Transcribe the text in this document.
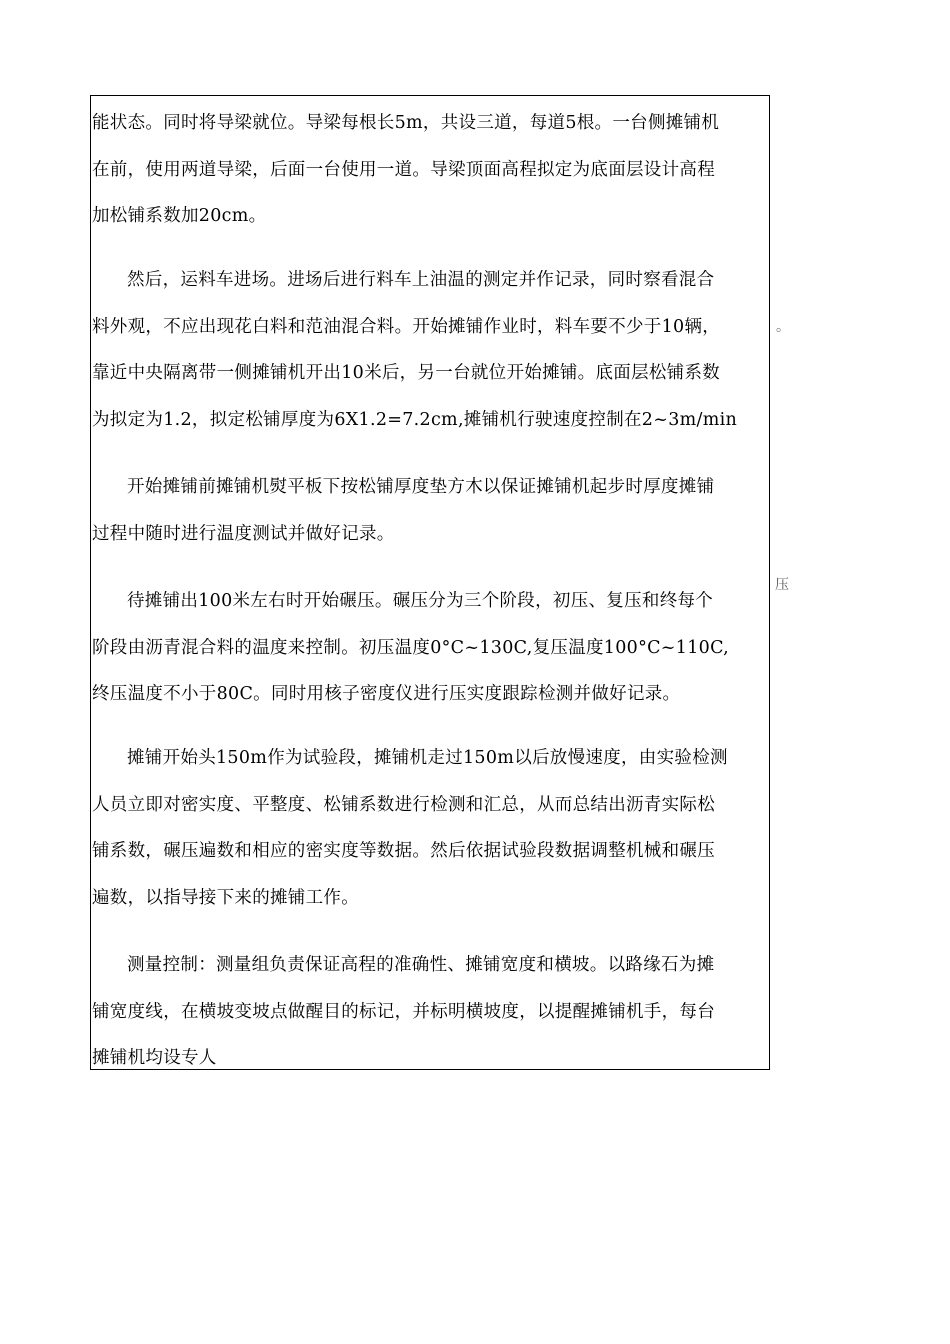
能状态。同时将导梁就位。导梁每根长5m，共设三道，每道5根。一台侧摊铺机
在前，使用两道导梁，后面一台使用一道。导梁顶面高程拟定为底面层设计高程
加松铺系数加20cm。

然后，运料车进场。进场后进行料车上油温的测定并作记录，同时察看混合
料外观，不应出现花白料和范油混合料。开始摊铺作业时，料车要不少于10辆，
靠近中央隔离带一侧摊铺机开出10米后，另一台就位开始摊铺。底面层松铺系数
为拟定为1.2，拟定松铺厚度为6X1.2=7.2cm,摊铺机行驶速度控制在2~3m/min

开始摊铺前摊铺机熨平板下按松铺厚度垫方木以保证摊铺机起步时厚度摊铺
过程中随时进行温度测试并做好记录。

待摊铺出100米左右时开始碾压。碾压分为三个阶段，初压、复压和终每个
阶段由沥青混合料的温度来控制。初压温度0°C~130C,复压温度100°C~110C,
终压温度不小于80C。同时用核子密度仪进行压实度跟踪检测并做好记录。

摊铺开始头150m作为试验段，摊铺机走过150m以后放慢速度，由实验检测
人员立即对密实度、平整度、松铺系数进行检测和汇总，从而总结出沥青实际松
铺系数，碾压遍数和相应的密实度等数据。然后依据试验段数据调整机械和碾压
遍数，以指导接下来的摊铺工作。

测量控制：测量组负责保证高程的准确性、摊铺宽度和横坡。以路缘石为摊
铺宽度线，在横坡变坡点做醒目的标记，并标明横坡度，以提醒摊铺机手，每台
摊铺机均设专人

。
压
